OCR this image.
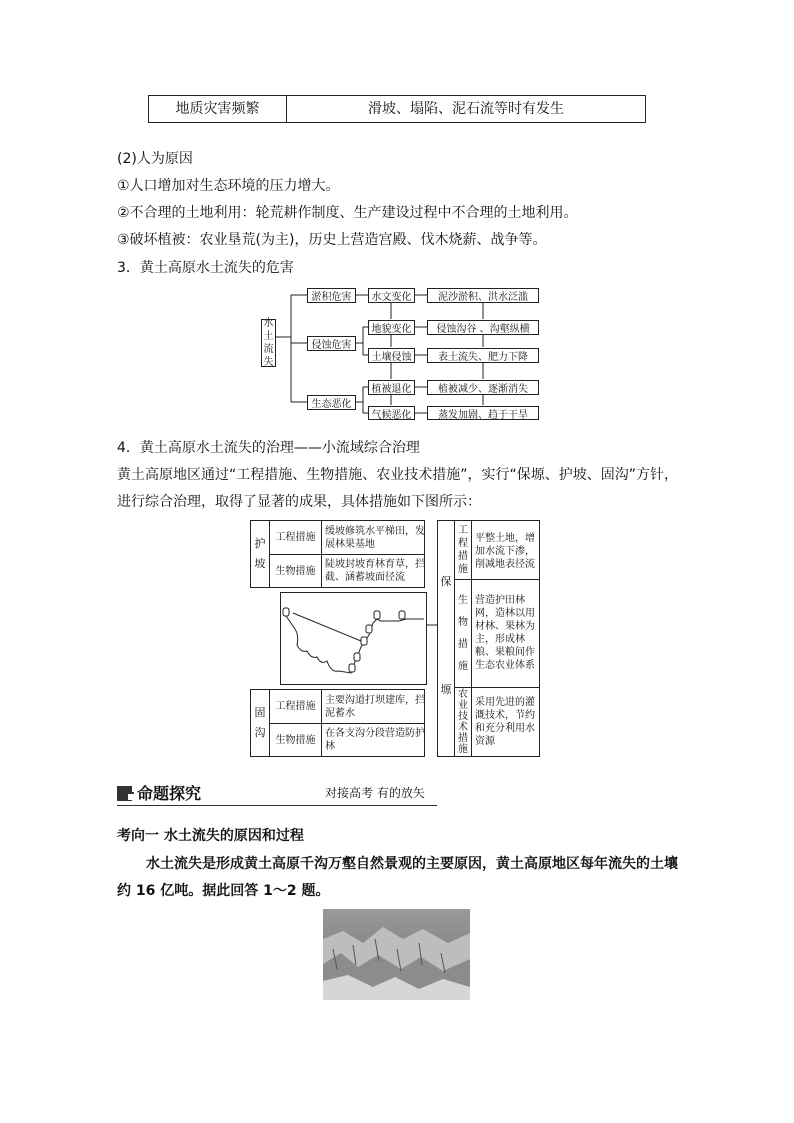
地质灾害频繁	滑坡、塌陷、泥石流等时有发生
(2)人为原因
①人口增加对生态环境的压力增大。
②不合理的土地利用：轮荒耕作制度、生产建设过程中不合理的土地利用。
③破坏植被：农业垦荒(为主)，历史上营造宫殿、伐木烧薪、战争等。
3．黄土高原水土流失的危害
水
土
流
失
淤积危害
侵蚀危害
生态恶化
水文变化
地貌变化
土壤侵蚀
植被退化
气候恶化
泥沙淤积、洪水泛滥
侵蚀沟谷 、沟壑纵横
表土流失、肥力下降
植被减少、逐渐消失
蒸发加剧、趋于干旱
4．黄土高原水土流失的治理——小流域综合治理
黄土高原地区通过“工程措施、生物措施、农业技术措施”，实行“保塬、护坡、固沟”方针，
进行综合治理，取得了显著的成果，具体措施如下图所示：
护
坡
工程措施
缓坡修筑水平梯田，发展林果基地
生物措施
陡坡封坡育林育草，拦截、涵蓄坡面径流
固
沟
工程措施
主要沟道打坝建库，拦泥蓄水
生物措施
在各支沟分段营造防护林
保
塬
工
程
措
施
平整土地，增加水流下渗，削减地表径流
生
物
措
施
营造护田林网，造林以用材林、果林为主，形成林粮、果粮间作生态农业体系
农
业
技
术
措
施
采用先进的灌溉技术，节约和充分利用水资源
命题探究	对接高考 有的放矢
考向一 水土流失的原因和过程
水土流失是形成黄土高原千沟万壑自然景观的主要原因，黄土高原地区每年流失的土壤
约 16 亿吨。据此回答 1～2 题。
